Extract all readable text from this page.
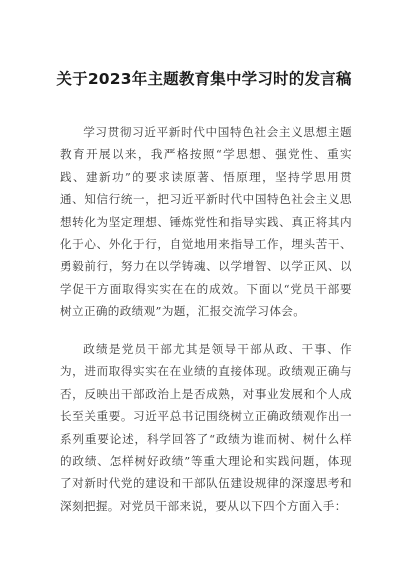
关于2023年主题教育集中学习时的发言稿

学习贯彻习近平新时代中国特色社会主义思想主题教育开展以来，我严格按照“学思想、强党性、重实践、建新功”的要求读原著、悟原理，坚持学思用贯通、知信行统一，把习近平新时代中国特色社会主义思想转化为坚定理想、锤炼党性和指导实践、真正将其内化于心、外化于行，自觉地用来指导工作，埋头苦干、勇毅前行，努力在以学铸魂、以学增智、以学正风、以学促干方面取得实实在在的成效。下面以“党员干部要树立正确的政绩观”为题，汇报交流学习体会。

政绩是党员干部尤其是领导干部从政、干事、作为，进而取得实实在在业绩的直接体现。政绩观正确与否，反映出干部政治上是否成熟，对事业发展和个人成长至关重要。习近平总书记围绕树立正确政绩观作出一系列重要论述，科学回答了“政绩为谁而树、树什么样的政绩、怎样树好政绩”等重大理论和实践问题，体现了对新时代党的建设和干部队伍建设规律的深邃思考和深刻把握。对党员干部来说，要从以下四个方面入手：
